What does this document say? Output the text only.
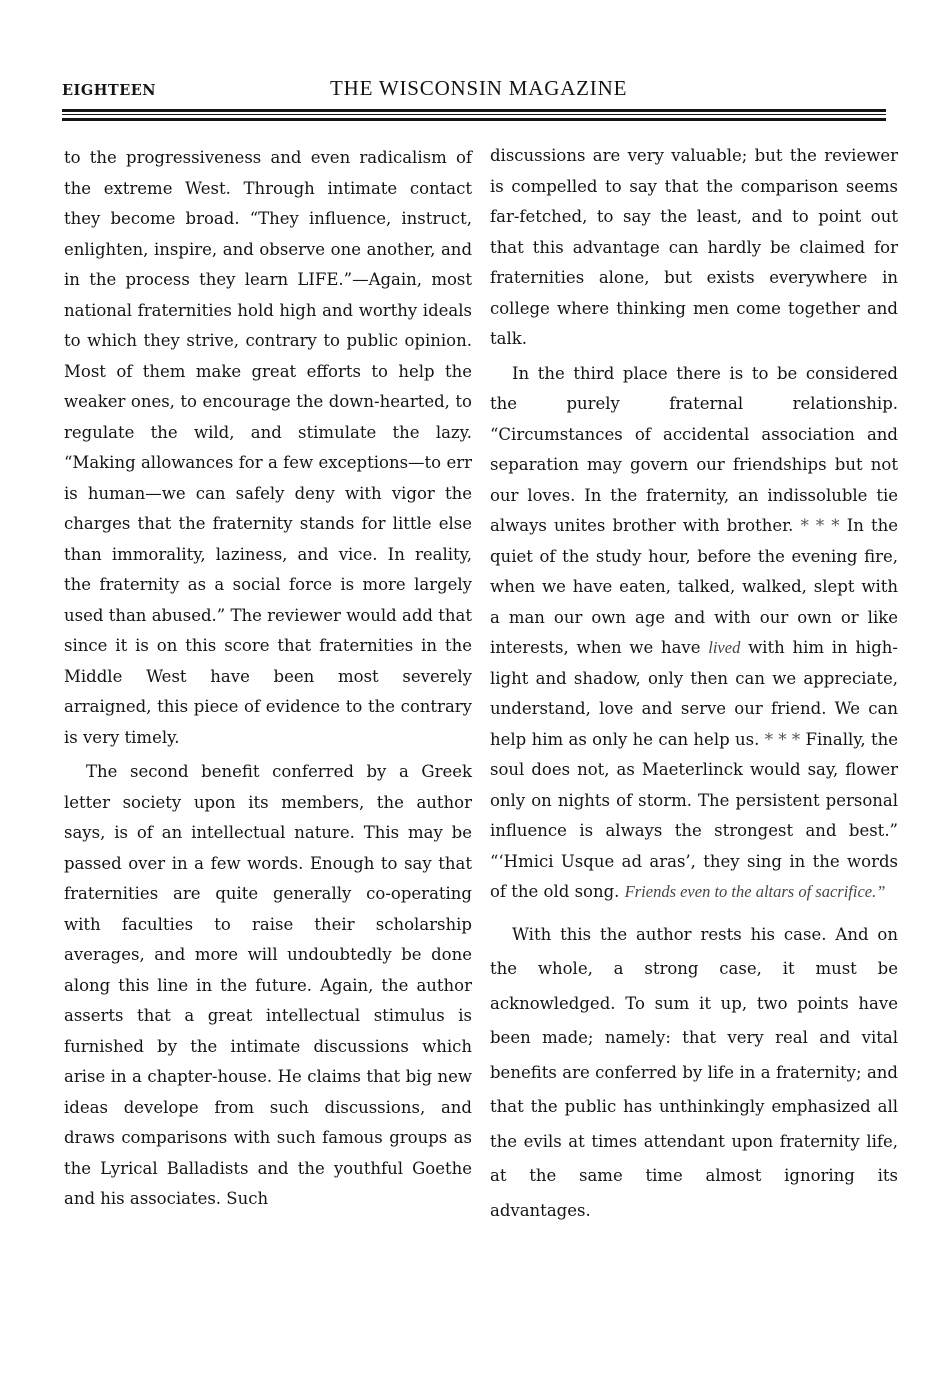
EIGHTEEN	THE WISCONSIN MAGAZINE

to the progressiveness and even radicalism of the extreme West. Through intimate contact they become broad. “They influence, instruct, enlighten, inspire, and observe one another, and in the process they learn LIFE.”—Again, most national fraternities hold high and worthy ideals to which they strive, contrary to public opinion. Most of them make great efforts to help the weaker ones, to encourage the down-hearted, to regulate the wild, and stimulate the lazy. “Making allowances for a few exceptions—to err is human—we can safely deny with vigor the charges that the fraternity stands for little else than immorality, laziness, and vice. In reality, the fraternity as a social force is more largely used than abused.” The reviewer would add that since it is on this score that fraternities in the Middle West have been most severely arraigned, this piece of evidence to the contrary is very timely.

The second benefit conferred by a Greek letter society upon its members, the author says, is of an intellectual nature. This may be passed over in a few words. Enough to say that fraternities are quite generally co-operating with faculties to raise their scholarship averages, and more will undoubtedly be done along this line in the future. Again, the author asserts that a great intellectual stimulus is furnished by the intimate discussions which arise in a chapter-house. He claims that big new ideas develope from such discussions, and draws comparisons with such famous groups as the Lyrical Balladists and the youthful Goethe and his associates. Such

discussions are very valuable; but the reviewer is compelled to say that the comparison seems far-fetched, to say the least, and to point out that this advantage can hardly be claimed for fraternities alone, but exists everywhere in college where thinking men come together and talk.

In the third place there is to be considered the purely fraternal relationship. “Circumstances of accidental association and separation may govern our friendships but not our loves. In the fraternity, an indissoluble tie always unites brother with brother. * * * In the quiet of the study hour, before the evening fire, when we have eaten, talked, walked, slept with a man our own age and with our own or like interests, when we have lived with him in high-light and shadow, only then can we appreciate, understand, love and serve our friend. We can help him as only he can help us. * * * Finally, the soul does not, as Maeterlinck would say, flower only on nights of storm. The persistent personal influence is always the strongest and best.” “‘Hmici Usque ad aras’, they sing in the words of the old song. Friends even to the altars of sacrifice.”

With this the author rests his case. And on the whole, a strong case, it must be acknowledged. To sum it up, two points have been made; namely: that very real and vital benefits are conferred by life in a fraternity; and that the public has unthinkingly emphasized all the evils at times attendant upon fraternity life, at the same time almost ignoring its advantages.
